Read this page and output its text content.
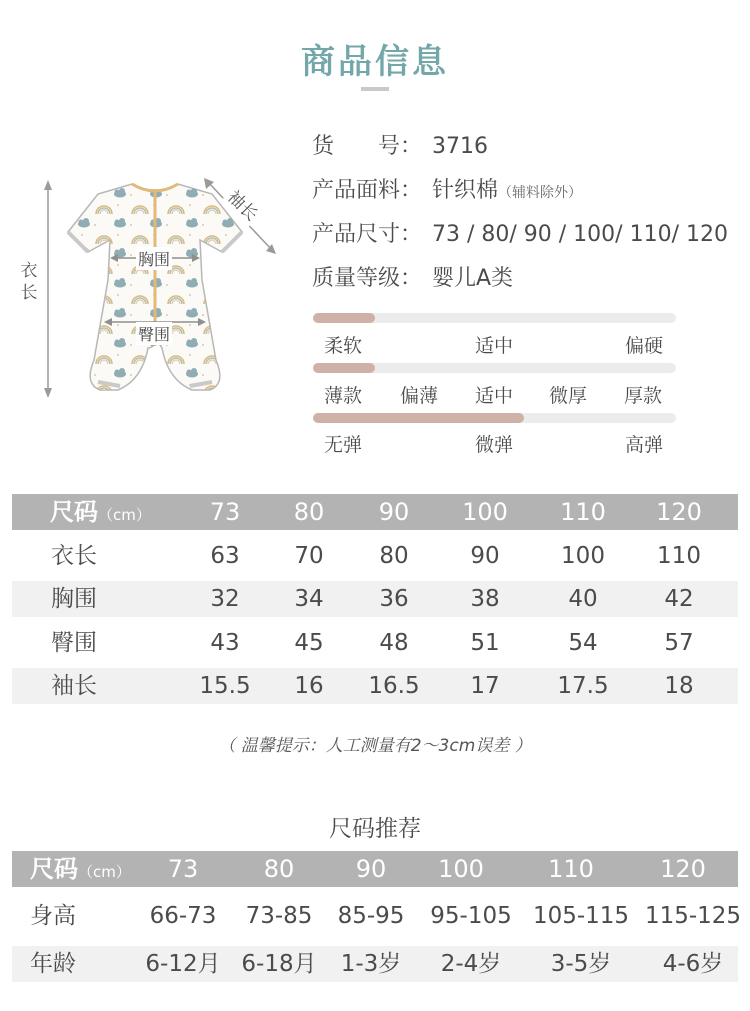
商品信息
货　　号： 3716
产品面料： 针织棉（辅料除外）
产品尺寸： 73 / 80/ 90 / 100/ 110/ 120
质量等级： 婴儿A类
柔软	适中	偏硬
薄款 偏薄 适中 微厚 厚款
无弹	微弹	高弹
衣长
袖长
胸围
臀围
尺码（cm）	73	80	90	100	110	120
衣长	63	70	80	90	100	110
胸围	32	34	36	38	40	42
臀围	43	45	48	51	54	57
袖长	15.5	16	16.5	17	17.5	18
（ 温馨提示：人工测量有2～3cm误差 ）
尺码推荐
尺码（cm）	73	80	90	100	110	120
身高	66-73	73-85	85-95	95-105 105-115 115-125
年龄	6-12月 6-18月	1-3岁	2-4岁	3-5岁	4-6岁
